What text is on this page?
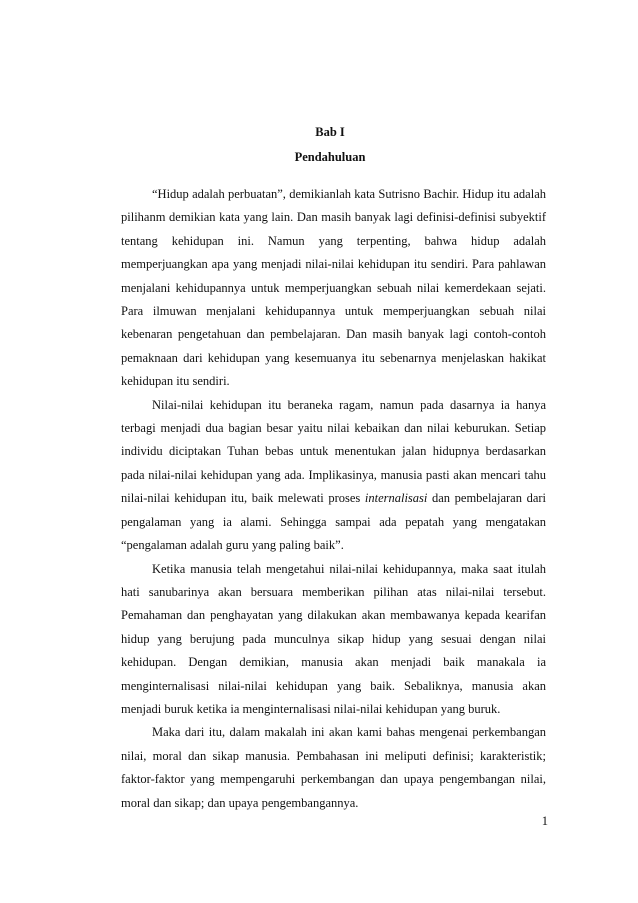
Bab I
Pendahuluan

“Hidup adalah perbuatan”, demikianlah kata Sutrisno Bachir. Hidup itu adalah pilihanm demikian kata yang lain. Dan masih banyak lagi definisi-definisi subyektif tentang kehidupan ini. Namun yang terpenting, bahwa hidup adalah memperjuangkan apa yang menjadi nilai-nilai kehidupan itu sendiri. Para pahlawan menjalani kehidupannya untuk memperjuangkan sebuah nilai kemerdekaan sejati. Para ilmuwan menjalani kehidupannya untuk memperjuangkan sebuah nilai kebenaran pengetahuan dan pembelajaran. Dan masih banyak lagi contoh-contoh pemaknaan dari kehidupan yang kesemuanya itu sebenarnya menjelaskan hakikat kehidupan itu sendiri.

Nilai-nilai kehidupan itu beraneka ragam, namun pada dasarnya ia hanya terbagi menjadi dua bagian besar yaitu nilai kebaikan dan nilai keburukan. Setiap individu diciptakan Tuhan bebas untuk menentukan jalan hidupnya berdasarkan pada nilai-nilai kehidupan yang ada. Implikasinya, manusia pasti akan mencari tahu nilai-nilai kehidupan itu, baik melewati proses internalisasi dan pembelajaran dari pengalaman yang ia alami. Sehingga sampai ada pepatah yang mengatakan “pengalaman adalah guru yang paling baik”.

Ketika manusia telah mengetahui nilai-nilai kehidupannya, maka saat itulah hati sanubarinya akan bersuara memberikan pilihan atas nilai-nilai tersebut. Pemahaman dan penghayatan yang dilakukan akan membawanya kepada kearifan hidup yang berujung pada munculnya sikap hidup yang sesuai dengan nilai kehidupan. Dengan demikian, manusia akan menjadi baik manakala ia menginternalisasi nilai-nilai kehidupan yang baik. Sebaliknya, manusia akan menjadi buruk ketika ia menginternalisasi nilai-nilai kehidupan yang buruk.

Maka dari itu, dalam makalah ini akan kami bahas mengenai perkembangan nilai, moral dan sikap manusia. Pembahasan ini meliputi definisi; karakteristik; faktor-faktor yang mempengaruhi perkembangan dan upaya pengembangan nilai, moral dan sikap; dan upaya pengembangannya.

1
